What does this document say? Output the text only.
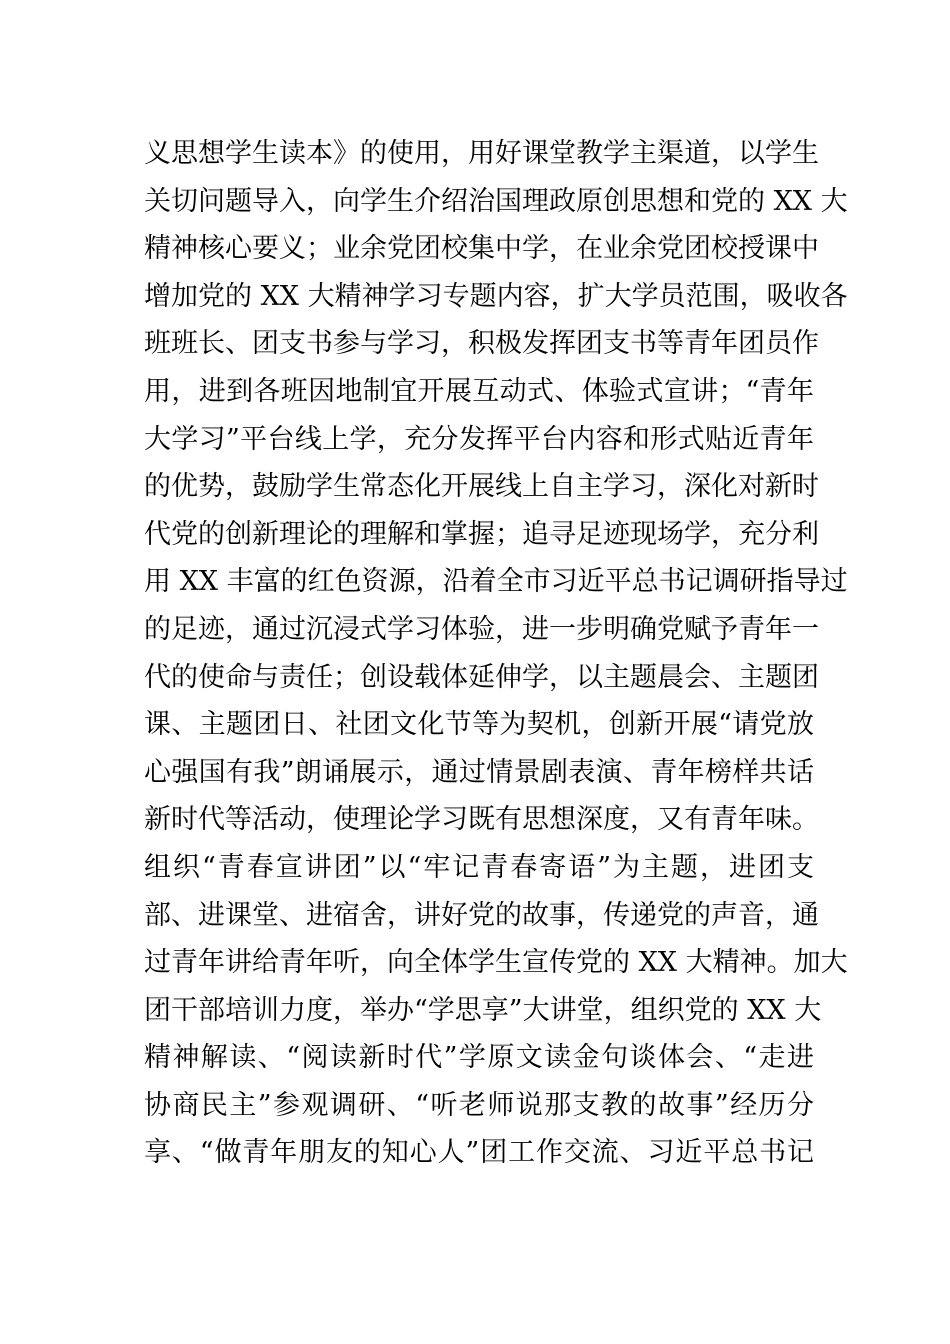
义思想学生读本》的使用，用好课堂教学主渠道，以学生
关切问题导入，向学生介绍治国理政原创思想和党的 XX 大
精神核心要义；业余党团校集中学，在业余党团校授课中
增加党的 XX 大精神学习专题内容，扩大学员范围，吸收各
班班长、团支书参与学习，积极发挥团支书等青年团员作
用，进到各班因地制宜开展互动式、体验式宣讲；“青年
大学习”平台线上学，充分发挥平台内容和形式贴近青年
的优势，鼓励学生常态化开展线上自主学习，深化对新时
代党的创新理论的理解和掌握；追寻足迹现场学，充分利
用 XX 丰富的红色资源，沿着全市习近平总书记调研指导过
的足迹，通过沉浸式学习体验，进一步明确党赋予青年一
代的使命与责任；创设载体延伸学，以主题晨会、主题团
课、主题团日、社团文化节等为契机，创新开展“请党放
心强国有我”朗诵展示，通过情景剧表演、青年榜样共话
新时代等活动，使理论学习既有思想深度，又有青年味。
组织“青春宣讲团”以“牢记青春寄语”为主题，进团支
部、进课堂、进宿舍，讲好党的故事，传递党的声音，通
过青年讲给青年听，向全体学生宣传党的 XX 大精神。加大
团干部培训力度，举办“学思享”大讲堂，组织党的 XX 大
精神解读、“阅读新时代”学原文读金句谈体会、“走进
协商民主”参观调研、“听老师说那支教的故事”经历分
享、“做青年朋友的知心人”团工作交流、习近平总书记
